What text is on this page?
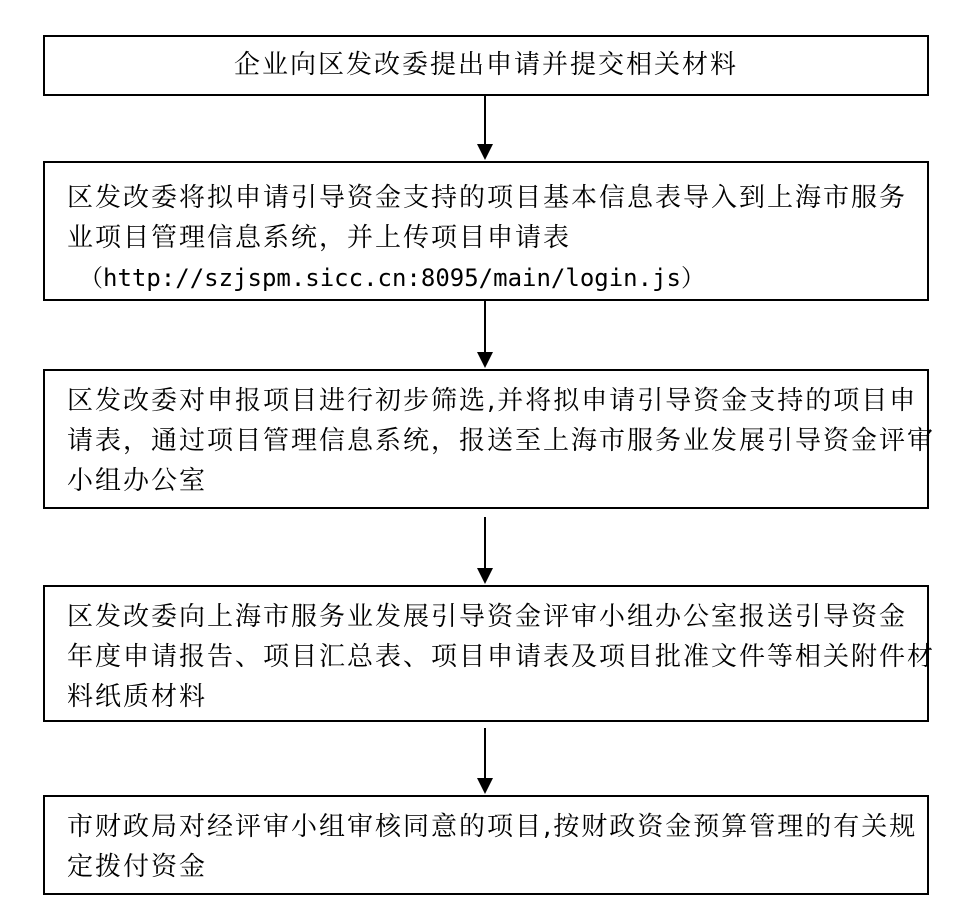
企业向区发改委提出申请并提交相关材料
区发改委将拟申请引导资金支持的项目基本信息表导入到上海市服务
业项目管理信息系统，并上传项目申请表
（http://szjspm.sicc.cn:8095/main/login.js）
区发改委对申报项目进行初步筛选,并将拟申请引导资金支持的项目申
请表，通过项目管理信息系统，报送至上海市服务业发展引导资金评审
小组办公室
区发改委向上海市服务业发展引导资金评审小组办公室报送引导资金
年度申请报告、项目汇总表、项目申请表及项目批准文件等相关附件材
料纸质材料
市财政局对经评审小组审核同意的项目,按财政资金预算管理的有关规
定拨付资金
